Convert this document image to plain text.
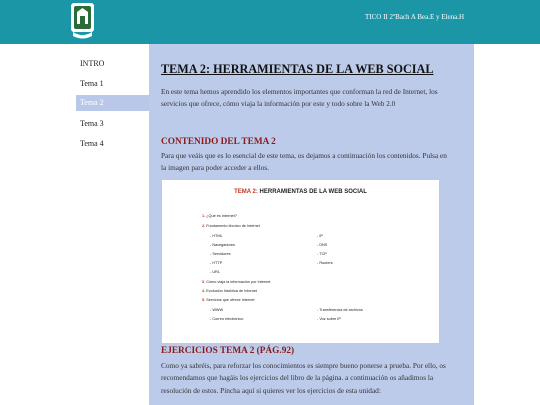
TICO II 2ºBach A Bea.E y Elena.H
INTRO
Tema 1
Tema 2
Tema 3
Tema 4
TEMA 2: HERRAMIENTAS DE LA WEB SOCIAL
En este tema hemos aprendido los elementos importantes que conforman la red de Internet, los servicios que ofrece, cómo viaja la información por este y todo sobre la Web 2.0
CONTENIDO DEL TEMA 2
Para que veáis que es lo esencial de este tema, os dejamos a continuación los contenidos. Pulsa en la imagen para poder acceder a ellos.
TEMA 2: HERRAMIENTAS DE LA WEB SOCIAL
1. ¿Qué es Internet?
2. Fundamento técnico de Internet
- HTML
- Navegadores
- Servidores
- HTTP
- URL
- IP
- DNS
- TCP
- Routers
3. Cómo viaja la información por Internet
4. Evolución histórica de Internet
5. Servicios que ofrece Internet
- WWW
- Correo electrónico
- Transferencia de archivos
- Voz sobre IP
EJERCICIOS TEMA 2 (PÁG.92)
Como ya sabréis, para reforzar los conocimientos es siempre bueno ponerse a prueba. Por ello, os recomendamos que hagáis los ejercicios del libro de la página. a continuación os añadimos la resolución de estos. Pincha aquí si quieres ver los ejercicios de esta unidad:
